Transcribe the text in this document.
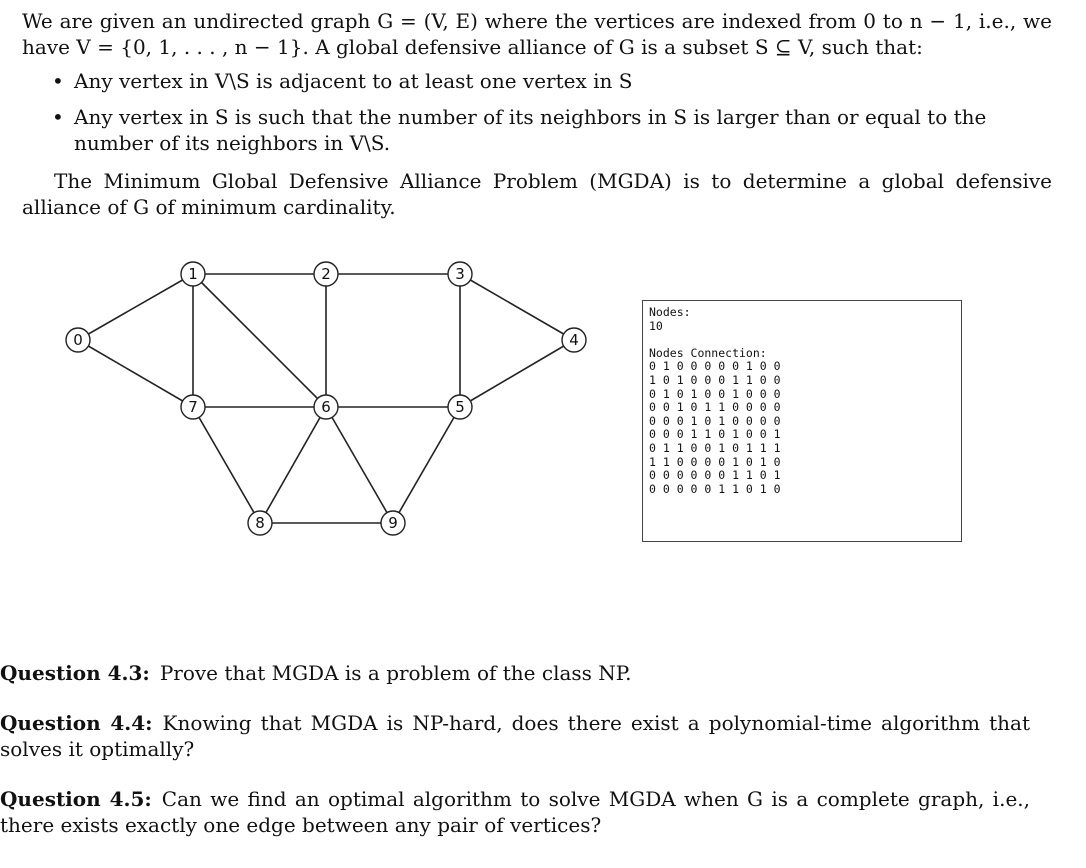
We are given an undirected graph G = (V, E) where the vertices are indexed from 0 to n − 1, i.e., we have V = {0, 1, . . . , n − 1}. A global defensive alliance of G is a subset S ⊆ V, such that:

• Any vertex in V\S is adjacent to at least one vertex in S
• Any vertex in S is such that the number of its neighbors in S is larger than or equal to the number of its neighbors in V\S.

The Minimum Global Defensive Alliance Problem (MGDA) is to determine a global defensive alliance of G of minimum cardinality.

0
1	2	3
4
5
6
7
8	9
Nodes:
10
Nodes Connection:
0 1 0 0 0 0 0 1 0 0
1 0 1 0 0 0 1 1 0 0
0 1 0 1 0 0 1 0 0 0
0 0 1 0 1 1 0 0 0 0
0 0 0 1 0 1 0 0 0 0
0 0 0 1 1 0 1 0 0 1
0 1 1 0 0 1 0 1 1 1
1 1 0 0 0 0 1 0 1 0
0 0 0 0 0 0 1 1 0 1
0 0 0 0 0 1 1 0 1 0

Question 4.3: Prove that MGDA is a problem of the class NP.

Question 4.4: Knowing that MGDA is NP-hard, does there exist a polynomial-time algorithm that solves it optimally?

Question 4.5: Can we find an optimal algorithm to solve MGDA when G is a complete graph, i.e., there exists exactly one edge between any pair of vertices?
